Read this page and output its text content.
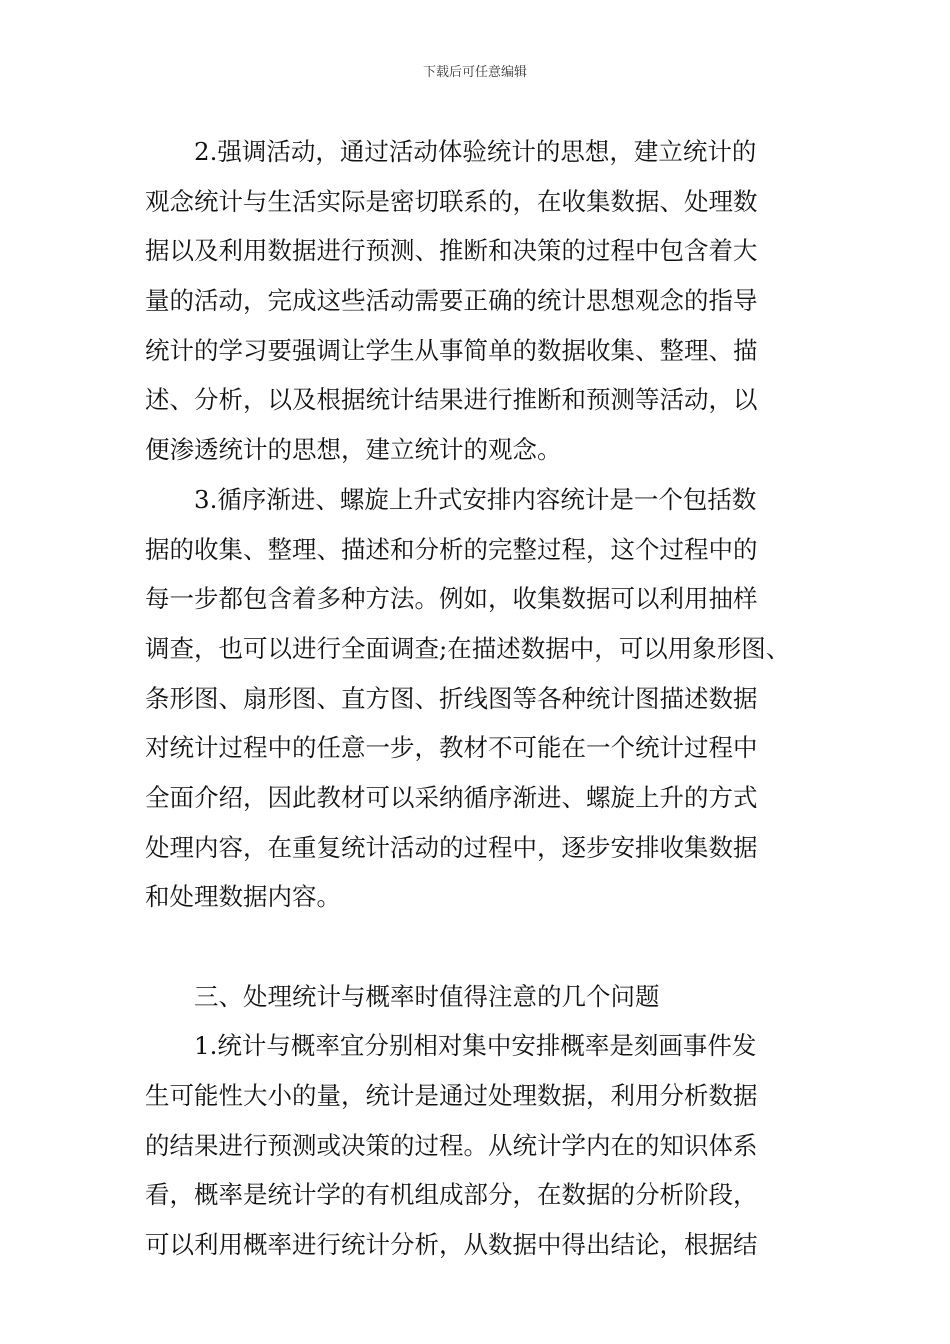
下载后可任意编辑
2.强调活动，通过活动体验统计的思想，建立统计的
观念统计与生活实际是密切联系的，在收集数据、处理数
据以及利用数据进行预测、推断和决策的过程中包含着大
量的活动，完成这些活动需要正确的统计思想观念的指导
统计的学习要强调让学生从事简单的数据收集、整理、描
述、分析，以及根据统计结果进行推断和预测等活动，以
便渗透统计的思想，建立统计的观念。
3.循序渐进、螺旋上升式安排内容统计是一个包括数
据的收集、整理、描述和分析的完整过程，这个过程中的
每一步都包含着多种方法。例如，收集数据可以利用抽样
调查，也可以进行全面调查;在描述数据中，可以用象形图、
条形图、扇形图、直方图、折线图等各种统计图描述数据
对统计过程中的任意一步，教材不可能在一个统计过程中
全面介绍，因此教材可以采纳循序渐进、螺旋上升的方式
处理内容，在重复统计活动的过程中，逐步安排收集数据
和处理数据内容。
三、处理统计与概率时值得注意的几个问题
1.统计与概率宜分别相对集中安排概率是刻画事件发
生可能性大小的量，统计是通过处理数据，利用分析数据
的结果进行预测或决策的过程。从统计学内在的知识体系
看，概率是统计学的有机组成部分，在数据的分析阶段，
可以利用概率进行统计分析，从数据中得出结论，根据结
